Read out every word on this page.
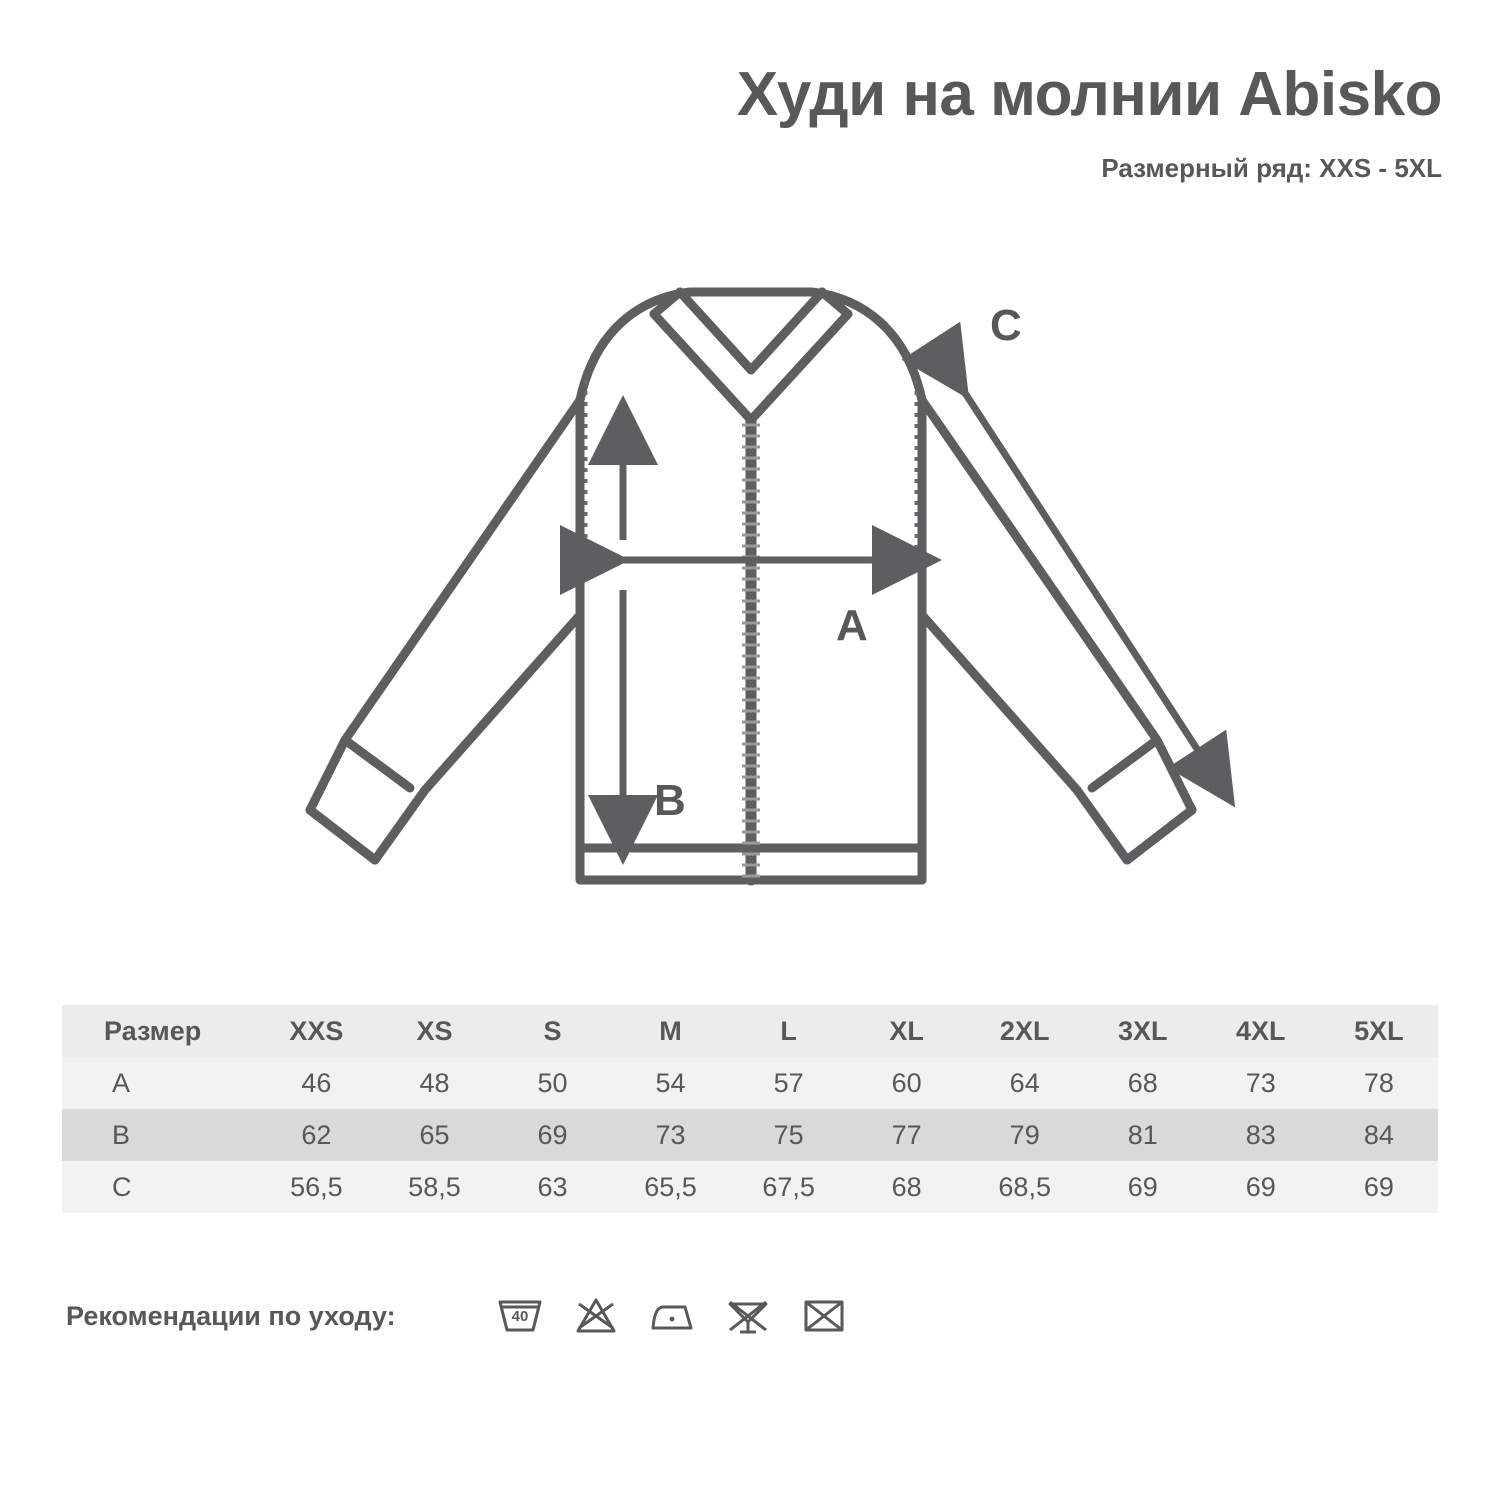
Худи на молнии Abisko
Размерный ряд: XXS - 5XL
A
B
C
Размер	XXS	XS	S	M	L	XL	2XL	3XL	4XL	5XL
A	46	48	50	54	57	60	64	68	73	78
B	62	65	69	73	75	77	79	81	83	84
C	56,5	58,5	63	65,5	67,5	68	68,5	69	69	69
Рекомендации по уходу:	40
